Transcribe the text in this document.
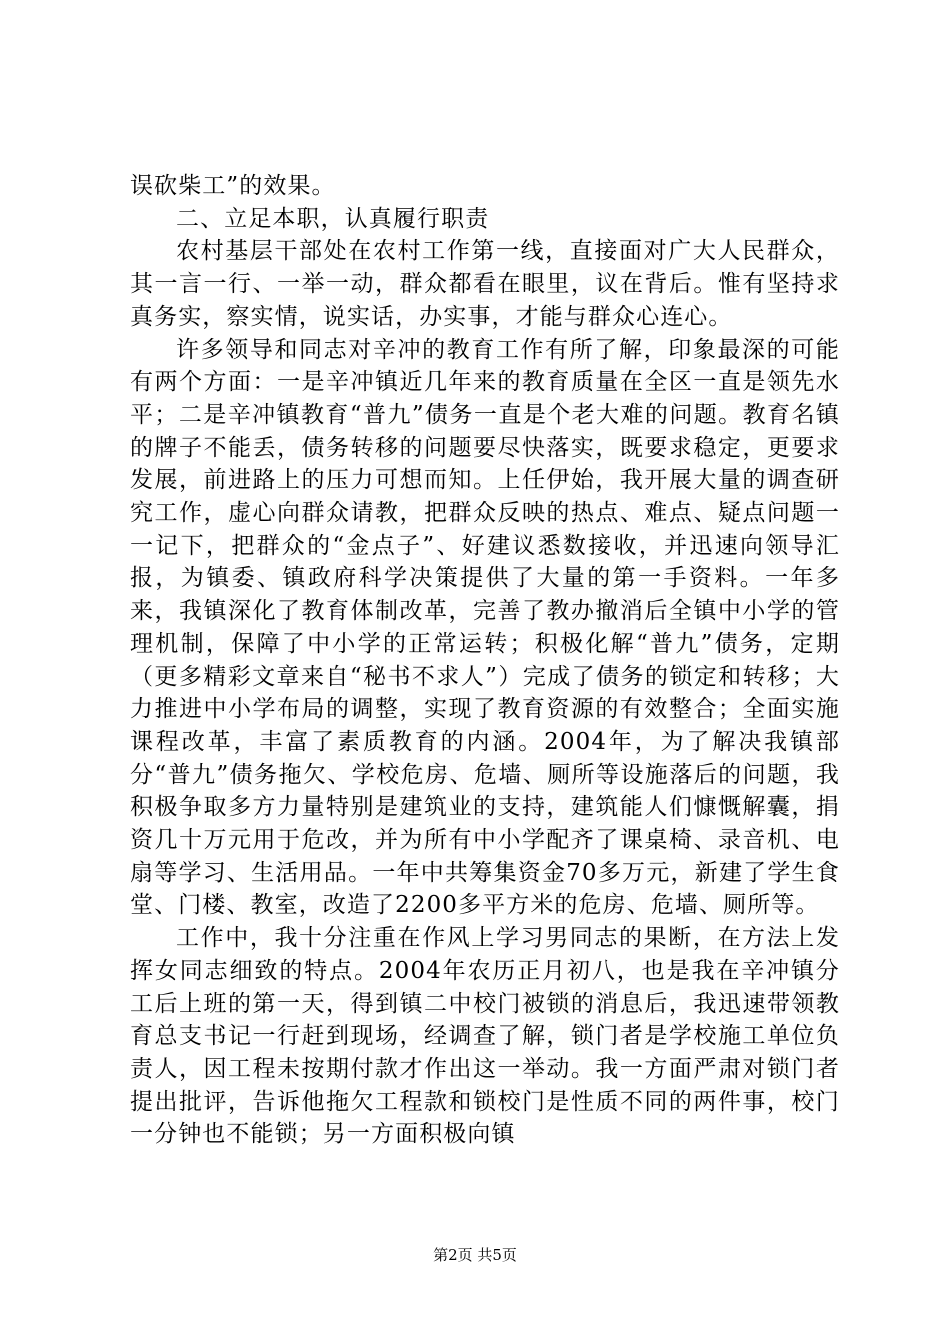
误砍柴工”的效果。

二、立足本职，认真履行职责

农村基层干部处在农村工作第一线，直接面对广大人民群众，其一言一行、一举一动，群众都看在眼里，议在背后。惟有坚持求真务实，察实情，说实话，办实事，才能与群众心连心。

许多领导和同志对辛冲的教育工作有所了解，印象最深的可能有两个方面：一是辛冲镇近几年来的教育质量在全区一直是领先水平；二是辛冲镇教育“普九”债务一直是个老大难的问题。教育名镇的牌子不能丢，债务转移的问题要尽快落实，既要求稳定，更要求发展，前进路上的压力可想而知。上任伊始，我开展大量的调查研究工作，虚心向群众请教，把群众反映的热点、难点、疑点问题一一记下，把群众的“金点子”、好建议悉数接收，并迅速向领导汇报，为镇委、镇政府科学决策提供了大量的第一手资料。一年多来，我镇深化了教育体制改革，完善了教办撤消后全镇中小学的管理机制，保障了中小学的正常运转；积极化解“普九”债务，定期（更多精彩文章来自“秘书不求人”）完成了债务的锁定和转移；大力推进中小学布局的调整，实现了教育资源的有效整合；全面实施课程改革，丰富了素质教育的内涵。2004年，为了解决我镇部分“普九”债务拖欠、学校危房、危墙、厕所等设施落后的问题，我积极争取多方力量特别是建筑业的支持，建筑能人们慷慨解囊，捐资几十万元用于危改，并为所有中小学配齐了课桌椅、录音机、电扇等学习、生活用品。一年中共筹集资金70多万元，新建了学生食堂、门楼、教室，改造了2200多平方米的危房、危墙、厕所等。

工作中，我十分注重在作风上学习男同志的果断，在方法上发挥女同志细致的特点。2004年农历正月初八，也是我在辛冲镇分工后上班的第一天，得到镇二中校门被锁的消息后，我迅速带领教育总支书记一行赶到现场，经调查了解，锁门者是学校施工单位负责人，因工程未按期付款才作出这一举动。我一方面严肃对锁门者提出批评，告诉他拖欠工程款和锁校门是性质不同的两件事，校门一分钟也不能锁；另一方面积极向镇

第2页 共5页
